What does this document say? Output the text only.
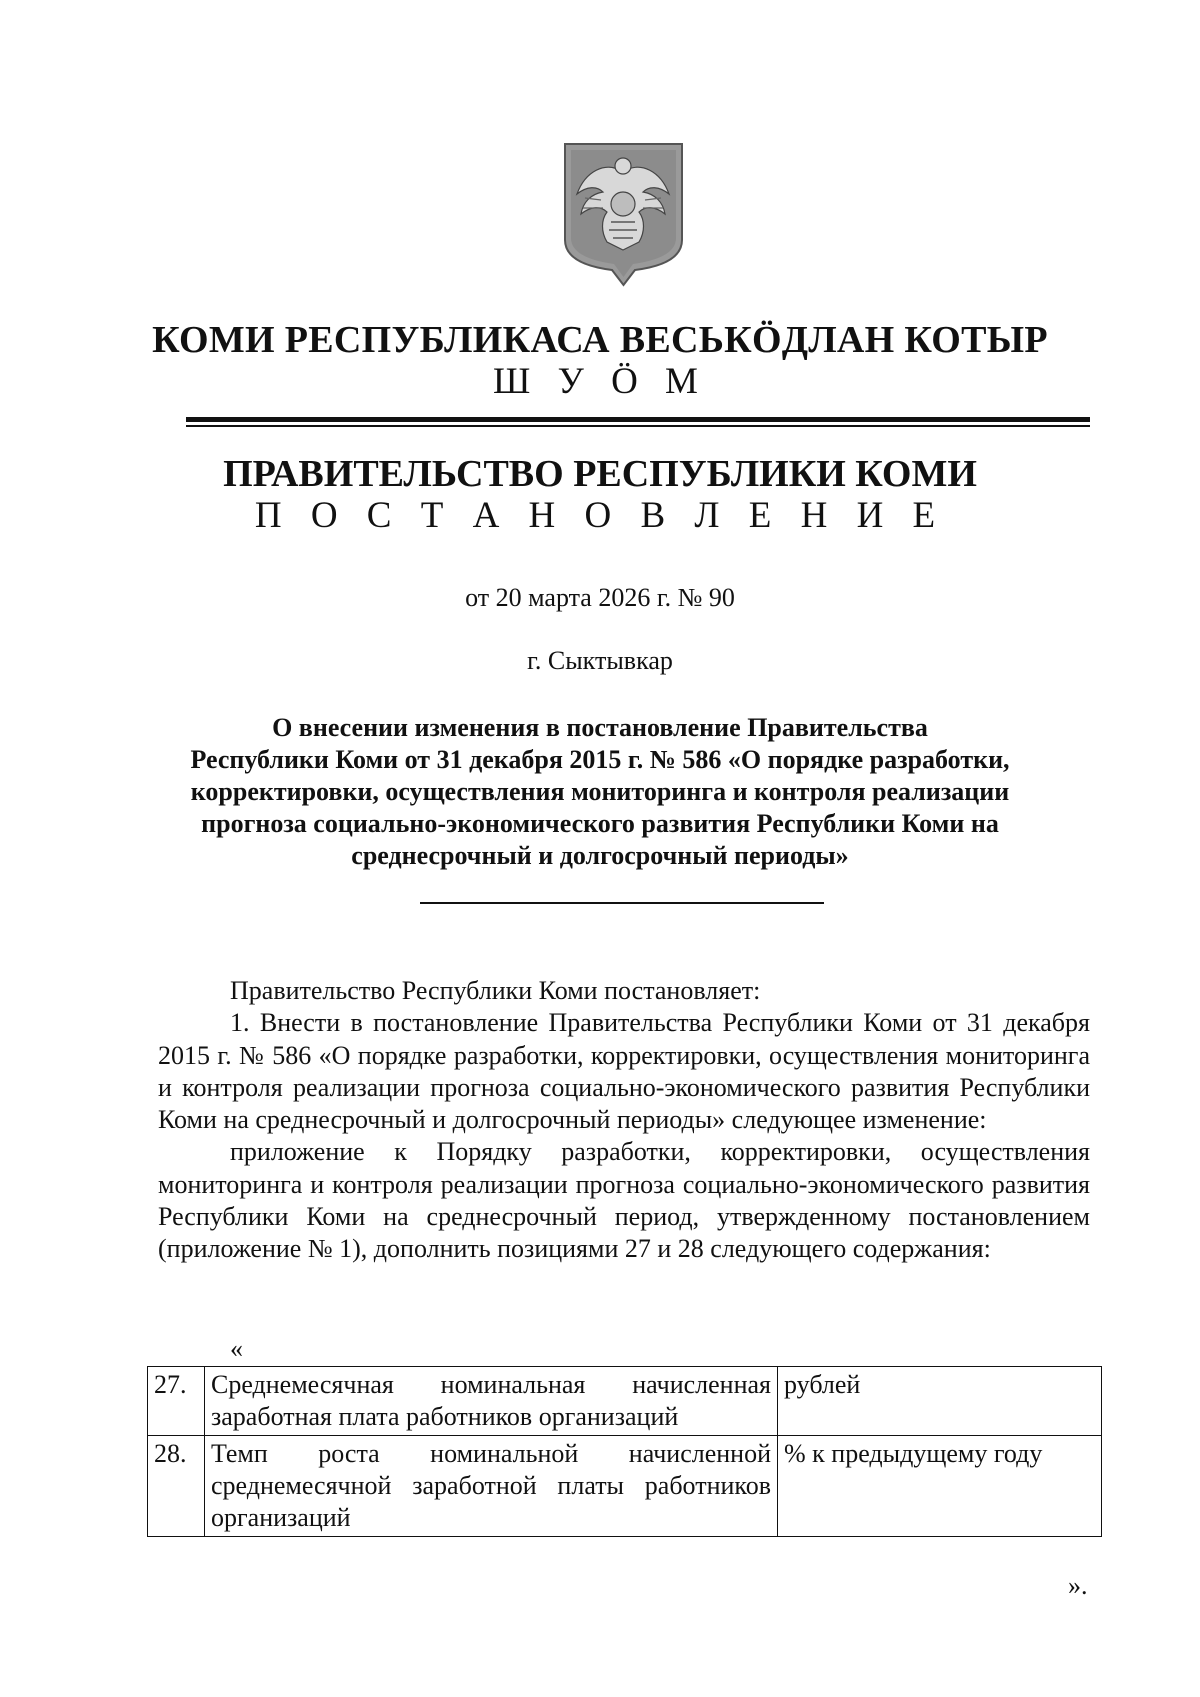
КОМИ РЕСПУБЛИКАСА ВЕСЬКӦДЛАН КОТЫР
Ш У Ӧ М
ПРАВИТЕЛЬСТВО РЕСПУБЛИКИ КОМИ
П О С Т А Н О В Л Е Н И Е
от 20 марта 2026 г. № 90
г. Сыктывкар
О внесении изменения в постановление Правительства
Республики Коми от 31 декабря 2015 г. № 586 «О порядке разработки,
корректировки, осуществления мониторинга и контроля реализации
прогноза социально-экономического развития Республики Коми на
среднесрочный и долгосрочный периоды»

Правительство Республики Коми постановляет:

1. Внести в постановление Правительства Республики Коми от 31 декабря 2015 г. № 586 «О порядке разработки, корректировки, осуществления мониторинга и контроля реализации прогноза социально-экономического развития Республики Коми на среднесрочный и долгосрочный периоды» следующее изменение:

приложение к Порядку разработки, корректировки, осуществления мониторинга и контроля реализации прогноза социально-экономического развития Республики Коми на среднесрочный период, утвержденному постановлением (приложение № 1), дополнить позициями 27 и 28 следующего содержания:

«
27.	Среднемесячная номинальная начисленная заработная плата работников организаций	рублей
28.	Темп роста номинальной начисленной среднемесячной заработной платы работников организаций	% к предыдущему году
».
